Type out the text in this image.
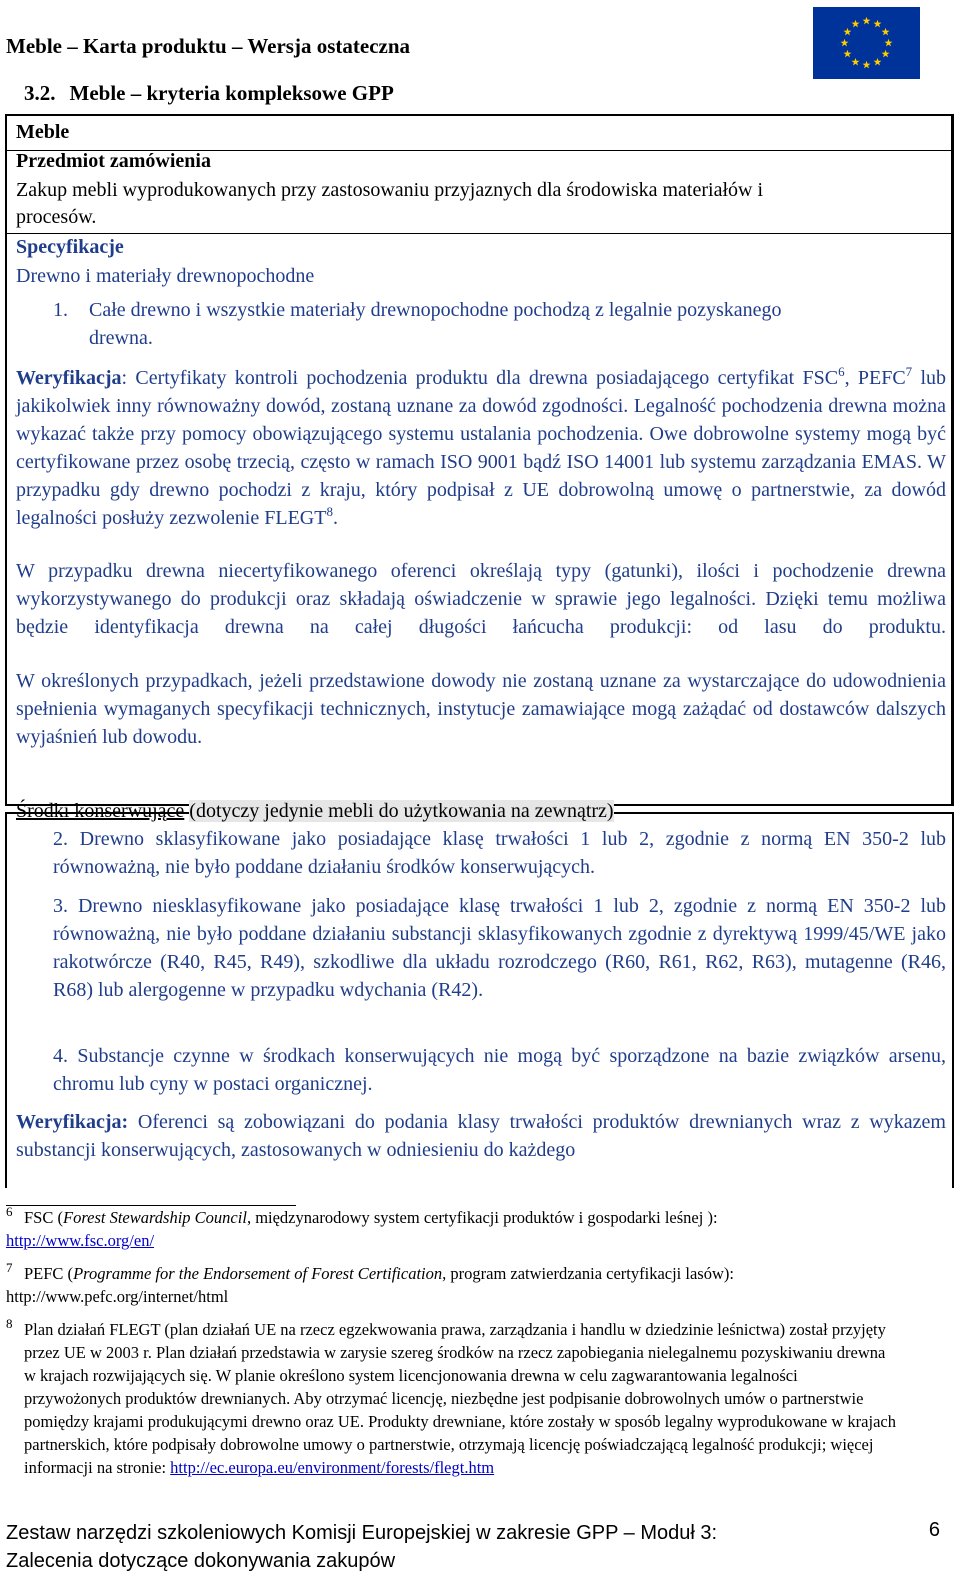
Meble – Karta produktu – Wersja ostateczna
3.2. Meble – kryteria kompleksowe GPP
Meble
Przedmiot zamówienia
Zakup mebli wyprodukowanych przy zastosowaniu przyjaznych dla środowiska materiałów i
procesów.
Specyfikacje
Drewno i materiały drewnopochodne
1. Całe drewno i wszystkie materiały drewnopochodne pochodzą z legalnie pozyskanego
drewna.
Weryfikacja: Certyfikaty kontroli pochodzenia produktu dla drewna posiadającego certyfikat FSC$^6$, PEFC$^7$ lub jakikolwiek inny równoważny dowód, zostaną uznane za dowód zgodności. Legalność pochodzenia drewna można wykazać także przy pomocy obowiązującego systemu ustalania pochodzenia. Owe dobrowolne systemy mogą być certyfikowane przez osobę trzecią, często w ramach ISO 9001 bądź ISO 14001 lub systemu zarządzania EMAS. W przypadku gdy drewno pochodzi z kraju, który podpisał z UE dobrowolną umowę o partnerstwie, za dowód legalności posłuży zezwolenie FLEGT$^8$.
W przypadku drewna niecertyfikowanego oferenci określają typy (gatunki), ilości i pochodzenie drewna wykorzystywanego do produkcji oraz składają oświadczenie w sprawie jego legalności. Dzięki temu możliwa będzie identyfikacja drewna na całej długości łańcucha produkcji: od lasu do produktu.
W określonych przypadkach, jeżeli przedstawione dowody nie zostaną uznane za wystarczające do udowodnienia spełnienia wymaganych specyfikacji technicznych, instytucje zamawiające mogą zażądać od dostawców dalszych wyjaśnień lub dowodu.
Środki konserwujące (dotyczy jedynie mebli do użytkowania na zewnątrz)
2. Drewno sklasyfikowane jako posiadające klasę trwałości 1 lub 2, zgodnie z normą EN 350-2 lub równoważną, nie było poddane działaniu środków konserwujących.
3. Drewno niesklasyfikowane jako posiadające klasę trwałości 1 lub 2, zgodnie z normą EN 350-2 lub równoważną, nie było poddane działaniu substancji sklasyfikowanych zgodnie z dyrektywą 1999/45/WE jako rakotwórcze (R40, R45, R49), szkodliwe dla układu rozrodczego (R60, R61, R62, R63), mutagenne (R46, R68) lub alergogenne w przypadku wdychania (R42).
4. Substancje czynne w środkach konserwujących nie mogą być sporządzone na bazie związków arsenu, chromu lub cyny w postaci organicznej.
Weryfikacja: Oferenci są zobowiązani do podania klasy trwałości produktów drewnianych wraz z wykazem substancji konserwujących, zastosowanych w odniesieniu do każdego
6 FSC (Forest Stewardship Council, międzynarodowy system certyfikacji produktów i gospodarki leśnej ):
http://www.fsc.org/en/
7 PEFC (Programme for the Endorsement of Forest Certification, program zatwierdzania certyfikacji lasów):
http://www.pefc.org/internet/html
8 Plan działań FLEGT (plan działań UE na rzecz egzekwowania prawa, zarządzania i handlu w dziedzinie leśnictwa) został przyjęty przez UE w 2003 r. Plan działań przedstawia w zarysie szereg środków na rzecz zapobiegania nielegalnemu pozyskiwaniu drewna w krajach rozwijających się. W planie określono system licencjonowania drewna w celu zagwarantowania legalności przywożonych produktów drewnianych. Aby otrzymać licencję, niezbędne jest podpisanie dobrowolnych umów o partnerstwie pomiędzy krajami produkującymi drewno oraz UE. Produkty drewniane, które zostały w sposób legalny wyprodukowane w krajach partnerskich, które podpisały dobrowolne umowy o partnerstwie, otrzymają licencję poświadczającą legalność produkcji; więcej informacji na stronie: http://ec.europa.eu/environment/forests/flegt.htm
Zestaw narzędzi szkoleniowych Komisji Europejskiej w zakresie GPP – Moduł 3:
Zalecenia dotyczące dokonywania zakupów
6
